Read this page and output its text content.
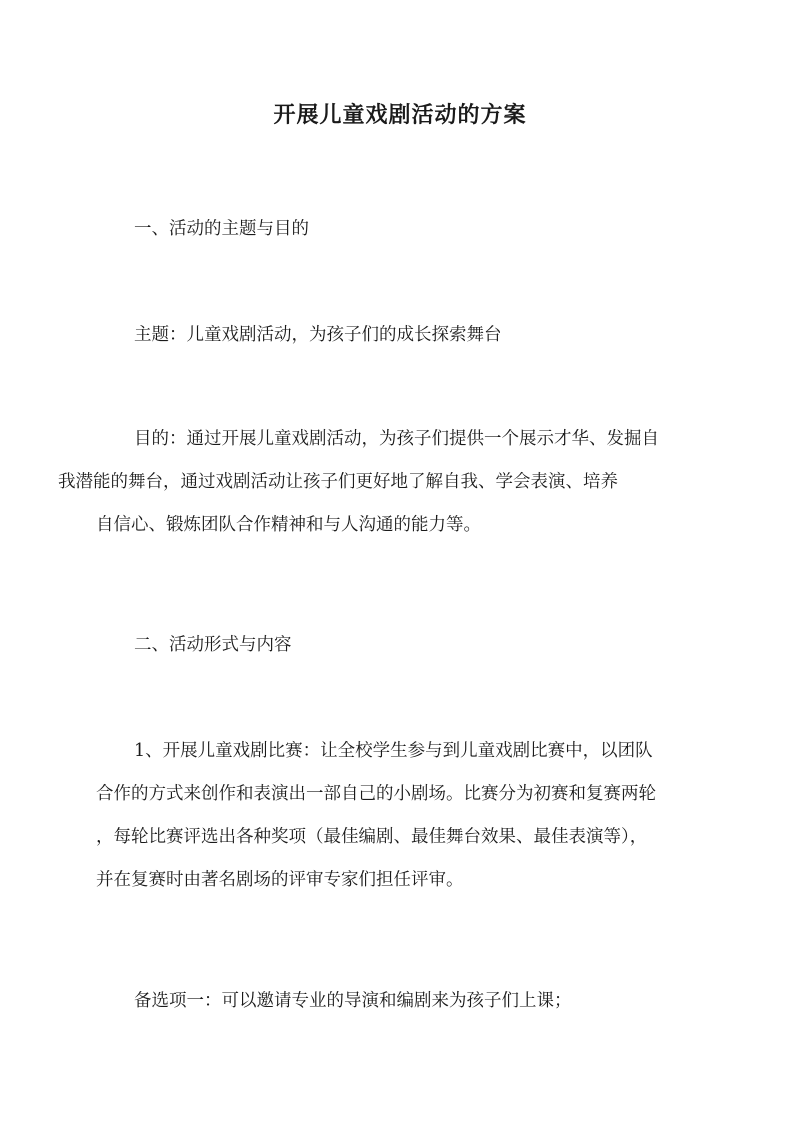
开展儿童戏剧活动的方案

一、活动的主题与目的

主题：儿童戏剧活动，为孩子们的成长探索舞台

目的：通过开展儿童戏剧活动，为孩子们提供一个展示才华、发掘自
我潜能的舞台，通过戏剧活动让孩子们更好地了解自我、学会表演、培养
自信心、锻炼团队合作精神和与人沟通的能力等。

二、活动形式与内容

1、开展儿童戏剧比赛：让全校学生参与到儿童戏剧比赛中，以团队
合作的方式来创作和表演出一部自己的小剧场。比赛分为初赛和复赛两轮
，每轮比赛评选出各种奖项（最佳编剧、最佳舞台效果、最佳表演等），
并在复赛时由著名剧场的评审专家们担任评审。

备选项一：可以邀请专业的导演和编剧来为孩子们上课；
